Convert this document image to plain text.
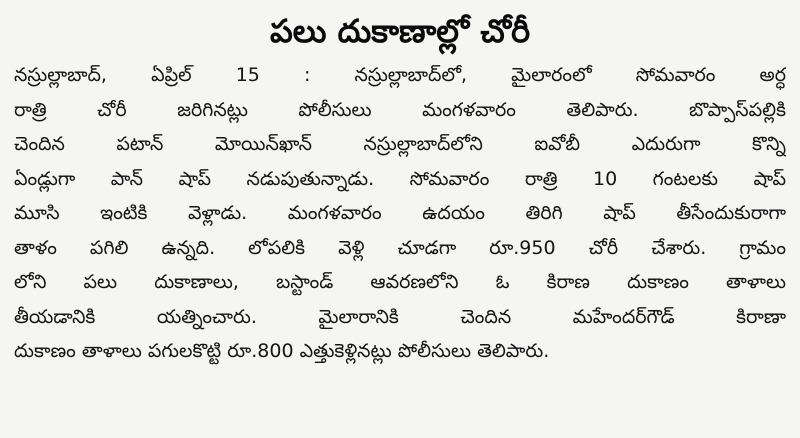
పలు దుకాణాల్లో చోరీ
నస్రుల్లాబాద్, ఏప్రిల్ 15 : నస్రుల్లాబాద్‌లో, మైలారంలో సోమవారం అర్ధ
రాత్రి చోరీ జరిగినట్లు పోలీసులు మంగళవారం తెలిపారు. బొప్పాస్‌పల్లికి
చెందిన పటాన్ మోయిన్‌ఖాన్ నస్రుల్లాబాద్‌లోని ఐవోబీ ఎదురుగా కొన్ని
ఏండ్లుగా పాన్ షాప్ నడుపుతున్నాడు. సోమవారం రాత్రి 10 గంటలకు షాప్
మూసి ఇంటికి వెళ్లాడు. మంగళవారం ఉదయం తిరిగి షాప్ తీసేందుకురాగా
తాళం పగిలి ఉన్నది. లోపలికి వెళ్లి చూడగా రూ.950 చోరీ చేశారు. గ్రామం
లోని పలు దుకాణాలు, బస్టాండ్ ఆవరణలోని ఓ కిరాణ దుకాణం తాళాలు
తీయడానికి యత్నించారు. మైలారానికి చెందిన మహేందర్‌గౌడ్ కిరాణా
దుకాణం తాళాలు పగులకొట్టి రూ.800 ఎత్తుకెళ్లినట్లు పోలీసులు తెలిపారు.
